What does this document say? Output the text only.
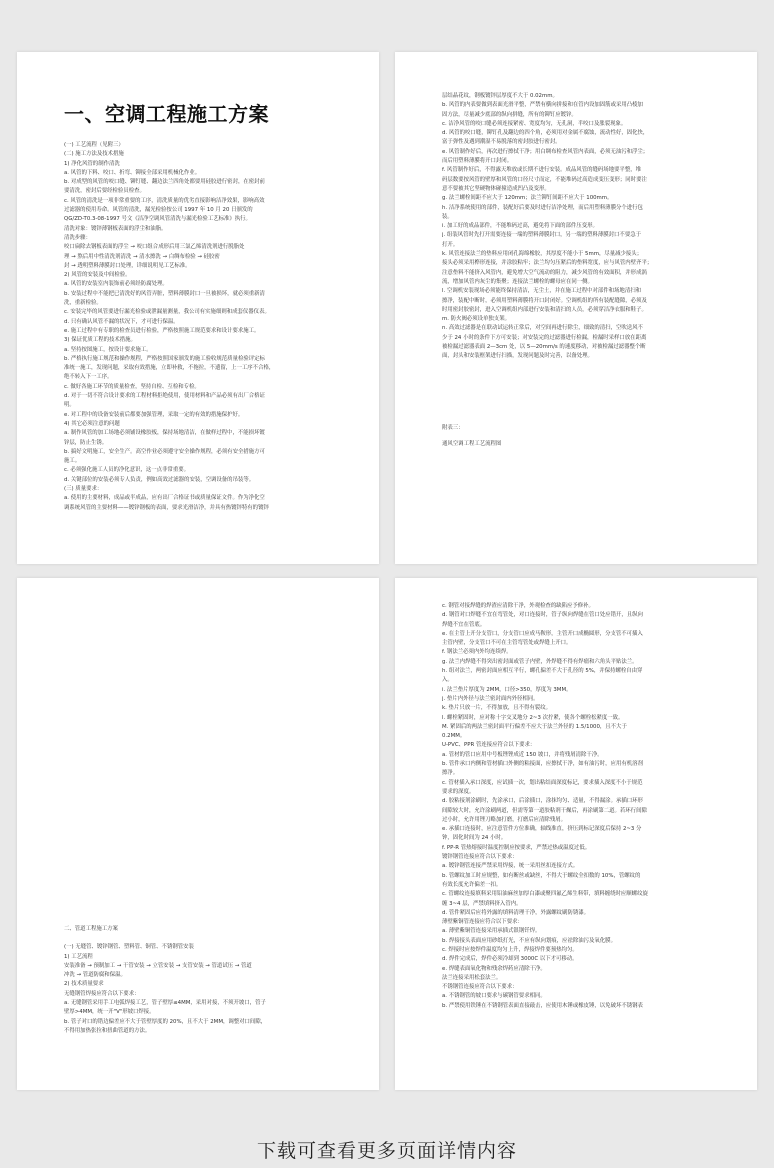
一、空调工程施工方案
(一) 工艺流程（见附三）
(二) 施工方法及技术措施
1) 净化风管的制作清洗
a. 风管的下料、咬口、折弯、铆接全部采用机械化作业。
b. 对成型的风管的咬口缝、铆钉缝、翻边法兰四角处都要用硅胶进行密封，在密封前
要清洗，密封后要经检验员检查。
c. 风管的清洗是一项非常重要的工序，清洗质量的优劣直接影响洁净效果，影响高效
过滤器的使用寿命。风管的清洗，漏光检验按公司 1997 年 10 月 20 日颁发的
QG/ZD-T0.3-08-1997 号文《洁净空调风管清洗与漏光检验工艺标准》执行。
清洗对象：镀锌薄钢板表面的浮尘和油脂。
清洗步骤：
咬口扁除去钢板表面的浮尘 → 咬口组合成形后用三氯乙烯清洗剂进行脱脂处
理 → 熬后用中性清洗剂清洗 → 清水擦洗 → 白绸布检验 → 硅胶密
封 → 透明塑料薄膜封口处理，详细说明见工艺标准。
2) 风管的安装及中间检验。
a. 风管的安装室内装饰前必须经防腐处理。
b. 安装过程中不能把已清洗好的风管弄脏，塑料薄膜封口一旦被损坏，就必须重新清
洗，重新检验。
c. 安装完毕的风管要进行漏光检验或泄漏量测量，我公司有实施细则和成套仪器仪表。
d. 只有确认风管不漏的状况下，才可进行保温。
e. 施工过程中有专职的检查员进行检验，严格按照施工规范要求和设计要求施工。
3) 保证优质工程的技术措施。
a. 坚持按图施工，按设计要求施工。
b. 严格执行施工规范和操作规程，严格按照国家颁发的施工验收规范质量检验评定标
准统一施工，发现问题，采取有效措施，立即补救，不拖拉，不遗留，上一工序不合格，
绝不转入下一工序。
c. 做好各施工环节的质量检查，坚持自检、互检和专检。
d. 对于一切不符合设计要求的工程材料拒绝使用，使用材料和产品必须有出厂合格证
明。
e. 对工程中的设备安装前后都要加强管理，采取一定的有效的措施保护好。
4) 其它必须注意的问题
a. 制作风管的加工场地必须铺设橡胶板，保持场地清洁，在做样过程中，不能损坏镀
锌层，防止生锈。
b. 搞好文明施工，安全生产。高空作业必须遵守安全操作规程，必须有安全措施方可
施工。
c. 必须强化施工人员的净化意识，这一点非常重要。
d. 关键部位的安装必须专人负责，例如高效过滤器的安装，空调设备的吊装等。
(三) 质量要求：
a. 使用的主要材料，成品或半成品，应有出厂合格证书或质量保证文件。作为净化空
调系统风管的主要材料——镀锌钢板的表面，要求光滑洁净，并具有热镀锌特有的镀锌
层结晶花纹，钢板镀锌层厚度不大于 0.02mm。
b. 风管的内表要做到表面光滑平整，严禁有横向拼接和在管内设加固筋或采用凸棱加
固方法，尽量减少底部的纵向拼缝，所有的铆钉应镀锌。
c. 洁净风管的咬口缝必须连接紧密、宽度均匀，无孔洞，半咬口及胀裂现象。
d. 风管的咬口缝，铆钉孔及翻边的四个角，必须用对金属不腐蚀，流动性好，固化快，
富于弹性及遇到潮湿不易脱落的密封胶进行密封。
e. 风管制作好后，再次进行擦拭干净；用白绸布检查风管内表面，必须无油污和浮尘；
而后用塑料薄膜将开口封闭。
f. 风管制作好后，不得露天堆放或长期不进行安装。成品风管的缝码场地要平整，堆
码层数要按风管的壁厚和风管的口径尺寸而定，不能堆码过高造成变压变形；同时要注
意不要被其它坚硬物体碰撞造成凹凸及变形。
g. 法兰螺栓间距不应大于 120mm；法兰铆钉间距不应大于 100mm。
h. 洁净系统使用的部件，装配好后要及时进行洁净处理，而后用塑料薄膜分个进行包
装。
i. 加工好的成品部件，不能堆码过高，避免将下面的部件压变形。
j. 组装风管时先打开需要连接一端的塑料薄膜封口，另一端的塑料薄膜封口不要急于
打开。
k. 风管连接法兰的垫料应用闭孔海绵橡胶，其厚度不能小于 5mm，尽量减少接头；
接头必须采用榫形连接，并涂胶粘牢；法兰均匀压紧后的垫料宽度，应与风管内壁齐平；
注意垫料不能挤入风管内，避免增大空气流动的阻力，减少风管的有效面积，并形成涡
流，增加风管内灰尘的集聚；连接法兰螺栓的螺母应在同一侧。
l. 空调机安装现场必须能终保持清洁，无尘土，并在施工过程中对部件和场地清扫和
擦净，装配中断时，必须用塑料薄膜将开口封闭好。空调机组的所有装配缝隙，必须及
时用密封胶密封，进入空调机组内部进行安装和清扫的人员，必须穿洁净衣服和鞋子。
m. 防火阀必须设单独支架。
n. 高效过滤器是在联动试运转正常后，对空间再进行除尘，细致的清扫，空吹送风不
少于 24 小时的条件下方可安装；对安装完的过滤器进行检漏，检漏时采样口放在距离
被检漏过滤器表面 2—3cm 处，以 5—20mm/s 的速度移动，对被检漏过滤器整个断
面，封头和安装框架进行扫描，发现问题及时完善，以备处理。
附表三：
通风空调工程工艺流程图
二、管道工程施工方案
(一) 无缝管、镀锌钢管、塑料管、铜管、不锈钢管安装
1) 工艺流程
安装准备 → 预制加工 → 干管安装 → 立管安装 → 支管安装 → 管道试压 → 管道
冲洗 → 管道防腐和保温。
2) 技术质量要求
无缝钢管焊接应符合以下要求：
a. 无缝钢管采用手工电弧焊接工艺，管子壁厚≤4MM，采用对接，不须开坡口，管子
壁厚>4MM，统一开"V"形坡口焊接。
b. 管子对口的错边偏差应不大于管壁厚度的 20%，且不大于 2MM，调整对口间隙，
不得用加热张拉和扭曲管道的方法。
c. 钢管对接焊缝的焊渣应清除干净，外观检查的缺陷应予修补。
d. 钢管对口焊缝不宜在弯管处，对口连接时，管子纵向焊缝在管口处应错开，且纵向
焊缝不宜在管底。
e. 在主管上开分支管口，分支管口应成马鞍形，主管开口成椭圆形，分支管不可插入
主管内壁，分支管口不可在主管弯管处或焊缝上开口。
f. 钢法兰必须内外均连续焊。
g. 法兰内焊缝不得突出密封面或管子内壁，外焊缝不得有焊瘤和六角头平贴法兰。
h. 组对法兰，两密封面应相互平行，螺孔偏差不大于孔径的 5%，并保持螺栓自由穿
入。
i. 法兰垫片厚度为 2MM，口径>350，厚度为 3MM。
j. 垫片内外径与法兰密封面内外径相同。
k. 垫片只放一片，不得加放，且不得有裂纹。
l. 螺栓紧固时，应对称十字交叉地分 2~3 次拧紧，使各个螺栓松紧度一致。
M. 紧固后的两法兰密封面平行偏差不应大于法兰外径的 1.5/1000，且不大于
0.2MM。
U-PVC、PPR 管连接应符合以下要求：
a. 管材的管口应用中号板锉锉成近 150 坡口，并将残屑清除干净。
b. 管件承口内侧和管材插口外侧的粘接面，应擦拭干净，如有油污时，应用有机溶剂
擦净。
c. 管材插入承口深度，应试插一次，划出粘结面深度标记，要求插入深度不小于规范
要求的深度。
d. 胶粘接剂涂刷时，先涂承口，后涂插口，涂抹均匀、适量，不得漏涂。承插口环形
间隙较大时，允许涂刷两道，但需等第一道胶粘剂干燥后，再涂刷第二道。若环行间隙
过小时，允许用锉刀略加打磨，打磨后应清除残屑。
e. 承插口连接时，应注意管件方位准确，轴线准直，挤压到标记深度后保持 2~3 分
钟，固化时间为 24 小时。
f. PP-R 管热熔接时温度控制应按要求，严禁过热或温度过低。
镀锌钢管连接应符合以下要求：
a. 镀锌钢管连接严禁采用焊接，统一采用丝扣连接方式。
b. 管螺纹加工时应规整，如有断丝或缺丝，不得大于螺纹全扣数的 10%，管螺纹的
有效长度允许偏差一扣。
c. 管螺纹连接填料采用铅油麻丝加厚白漆或聚四氟乙烯生料带，填料缠绕时应顺螺纹旋
缠 3~4 层，严禁填料挤入管内。
d. 管件紧固后应将外露的填料清理干净，外露螺纹刷防锈漆。
薄壁紫铜管连接应符合以下要求：
a. 薄壁紫铜管连接采用承插式银钢钎焊。
b. 焊接接头表面应用砂纸打光，不应有纵向划痕，应祛除油污及氧化膜。
c. 焊接时应按焊件温度均匀上升，焊接焊件要预热均匀。
d. 焊件完成后，焊件必须冷却到 3000C 以下才可移动。
e. 焊缝表面氧化物和残余焊药应清除干净。
法兰连接采用松套法兰。
不锈钢管连接应符合以下要求：
a. 不锈钢管的坡口要求与碳钢管要求相同。
b. 严禁使用铁锤在不锈钢管表面直接敲击，应使用木锤或橡皮锤，以免破坏不锈钢表
下载可查看更多页面详情内容
